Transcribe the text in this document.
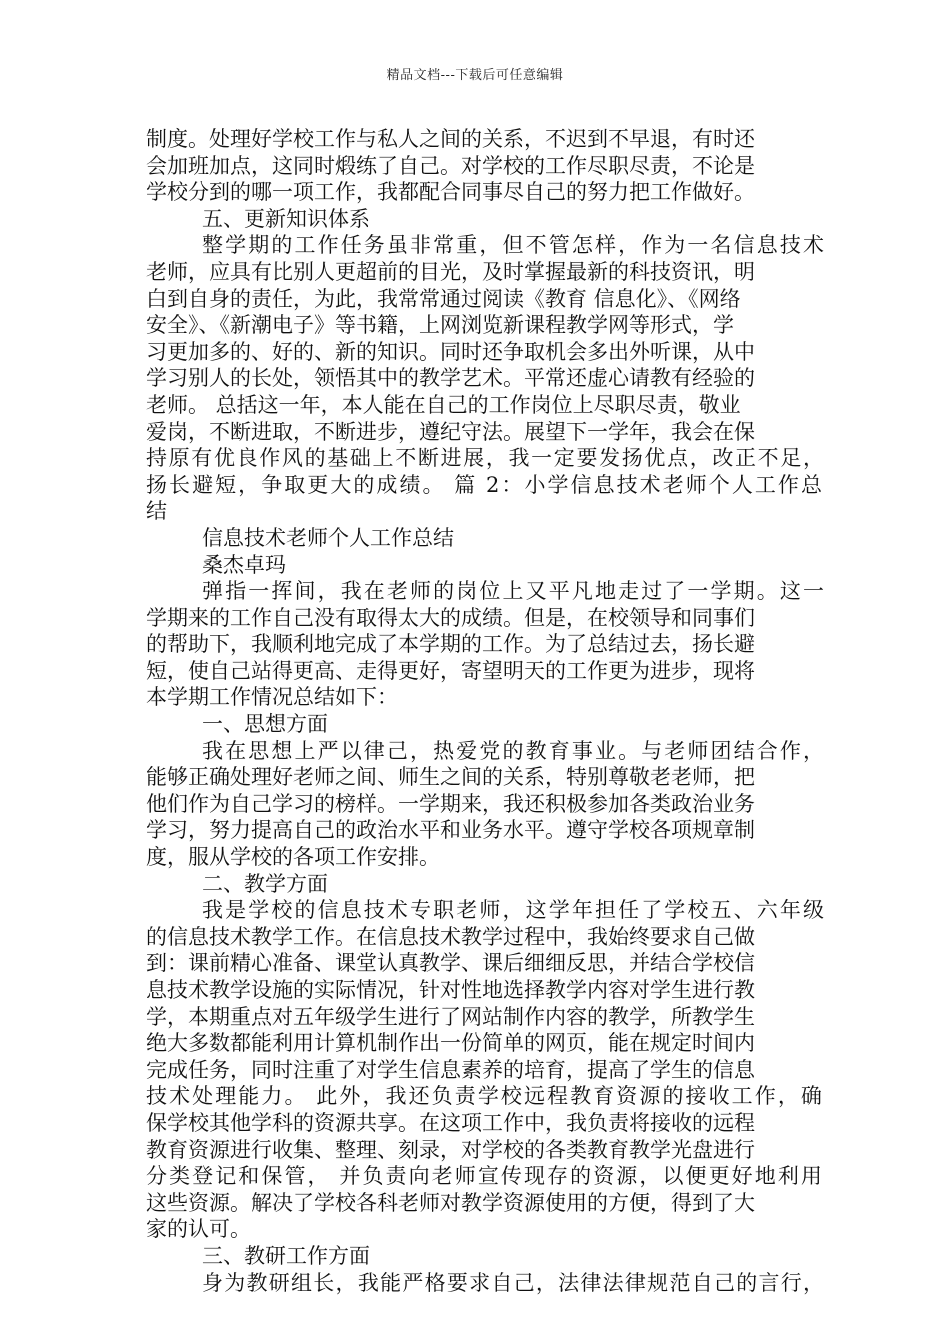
精品文档---下载后可任意编辑
制度。处理好学校工作与私人之间的关系，不迟到不早退，有时还
会加班加点，这同时煅练了自己。对学校的工作尽职尽责，不论是
学校分到的哪一项工作，我都配合同事尽自己的努力把工作做好。
五、更新知识体系
整学期的工作任务虽非常重，但不管怎样，作为一名信息技术
老师，应具有比别人更超前的目光，及时掌握最新的科技资讯，明
白到自身的责任，为此，我常常通过阅读《教育 信息化》、《网络
安全》、《新潮电子》等书籍，上网浏览新课程教学网等形式，学
习更加多的、好的、新的知识。同时还争取机会多出外听课，从中
学习别人的长处，领悟其中的教学艺术。平常还虚心请教有经验的
老师。 总括这一年，本人能在自己的工作岗位上尽职尽责，敬业
爱岗，不断进取，不断进步，遵纪守法。展望下一学年，我会在保
持原有优良作风的基础上不断进展，我一定要发扬优点，改正不足，
扬长避短，争取更大的成绩。 篇 2：小学信息技术老师个人工作总
结
信息技术老师个人工作总结
桑杰卓玛
弹指一挥间，我在老师的岗位上又平凡地走过了一学期。这一
学期来的工作自己没有取得太大的成绩。但是，在校领导和同事们
的帮助下，我顺利地完成了本学期的工作。为了总结过去，扬长避
短，使自己站得更高、走得更好，寄望明天的工作更为进步，现将
本学期工作情况总结如下：
一、思想方面
我在思想上严以律己，热爱党的教育事业。与老师团结合作，
能够正确处理好老师之间、师生之间的关系，特别尊敬老老师，把
他们作为自己学习的榜样。一学期来，我还积极参加各类政治业务
学习，努力提高自己的政治水平和业务水平。遵守学校各项规章制
度，服从学校的各项工作安排。
二、教学方面
我是学校的信息技术专职老师，这学年担任了学校五、六年级
的信息技术教学工作。在信息技术教学过程中，我始终要求自己做
到：课前精心准备、课堂认真教学、课后细细反思，并结合学校信
息技术教学设施的实际情况，针对性地选择教学内容对学生进行教
学，本期重点对五年级学生进行了网站制作内容的教学，所教学生
绝大多数都能利用计算机制作出一份简单的网页，能在规定时间内
完成任务，同时注重了对学生信息素养的培育，提高了学生的信息
技术处理能力。 此外，我还负责学校远程教育资源的接收工作，确
保学校其他学科的资源共享。在这项工作中，我负责将接收的远程
教育资源进行收集、整理、刻录，对学校的各类教育教学光盘进行
分类登记和保管， 并负责向老师宣传现存的资源，以便更好地利用
这些资源。解决了学校各科老师对教学资源使用的方便，得到了大
家的认可。
三、教研工作方面
身为教研组长，我能严格要求自己，法律法律规范自己的言行，
